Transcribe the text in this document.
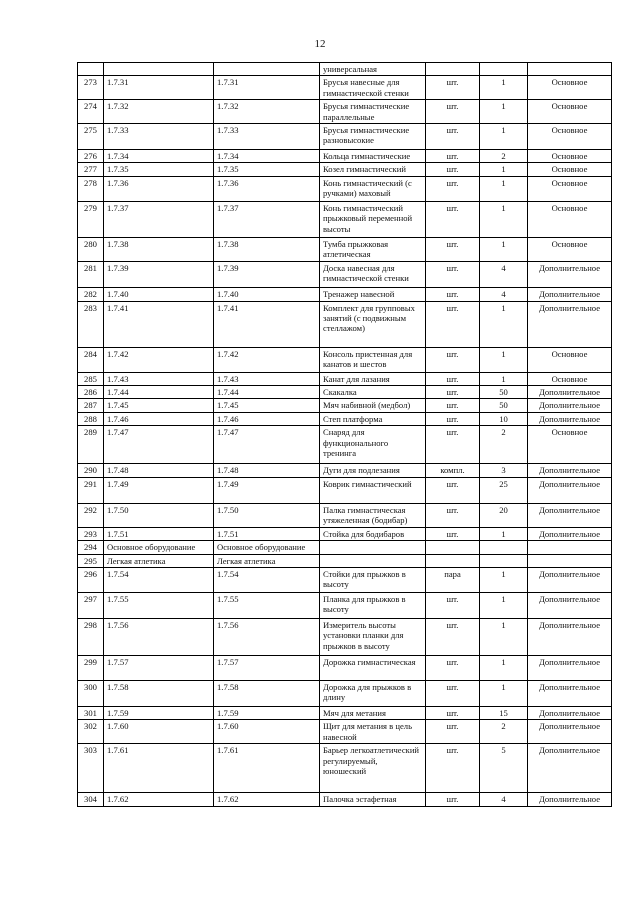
12
			универсальная			
273	1.7.31	1.7.31	Брусья навесные для гимнастической стенки	шт.	1	Основное
274	1.7.32	1.7.32	Брусья гимнастические параллельные	шт.	1	Основное
275	1.7.33	1.7.33	Брусья гимнастические разновысокие	шт.	1	Основное
276	1.7.34	1.7.34	Кольца гимнастические	шт.	2	Основное
277	1.7.35	1.7.35	Козел гимнастический	шт.	1	Основное
278	1.7.36	1.7.36	Конь гимнастический (с ручками) маховый	шт.	1	Основное
279	1.7.37	1.7.37	Конь гимнастический прыжковый переменной высоты	шт.	1	Основное
280	1.7.38	1.7.38	Тумба прыжковая атлетическая	шт.	1	Основное
281	1.7.39	1.7.39	Доска навесная для гимнастической стенки	шт.	4	Дополнительное
282	1.7.40	1.7.40	Тренажер навесной	шт.	4	Дополнительное
283	1.7.41	1.7.41	Комплект для групповых занятий (с подвижным стеллажом)	шт.	1	Дополнительное
284	1.7.42	1.7.42	Консоль пристенная для канатов и шестов	шт.	1	Основное
285	1.7.43	1.7.43	Канат для лазания	шт.	1	Основное
286	1.7.44	1.7.44	Скакалка	шт.	50	Дополнительное
287	1.7.45	1.7.45	Мяч набивной (медбол)	шт.	50	Дополнительное
288	1.7.46	1.7.46	Степ платформа	шт.	10	Дополнительное
289	1.7.47	1.7.47	Снаряд для функционального тренинга	шт.	2	Основное
290	1.7.48	1.7.48	Дуги для подлезания	компл.	3	Дополнительное
291	1.7.49	1.7.49	Коврик гимнастический	шт.	25	Дополнительное
292	1.7.50	1.7.50	Палка гимнастическая утяжеленная (бодибар)	шт.	20	Дополнительное
293	1.7.51	1.7.51	Стойка для бодибаров	шт.	1	Дополнительное
294	Основное оборудование	Основное оборудование				
295	Легкая атлетика	Легкая атлетика				
296	1.7.54	1.7.54	Стойки для прыжков в высоту	пара	1	Дополнительное
297	1.7.55	1.7.55	Планка для прыжков в высоту	шт.	1	Дополнительное
298	1.7.56	1.7.56	Измеритель высоты установки планки для прыжков в высоту	шт.	1	Дополнительное
299	1.7.57	1.7.57	Дорожка гимнастическая	шт.	1	Дополнительное
300	1.7.58	1.7.58	Дорожка для прыжков в длину	шт.	1	Дополнительное
301	1.7.59	1.7.59	Мяч для метания	шт.	15	Дополнительное
302	1.7.60	1.7.60	Щит для метания в цель навесной	шт.	2	Дополнительное
303	1.7.61	1.7.61	Барьер легкоатлетический регулируемый, юношеский	шт.	5	Дополнительное
304	1.7.62	1.7.62	Палочка эстафетная	шт.	4	Дополнительное
